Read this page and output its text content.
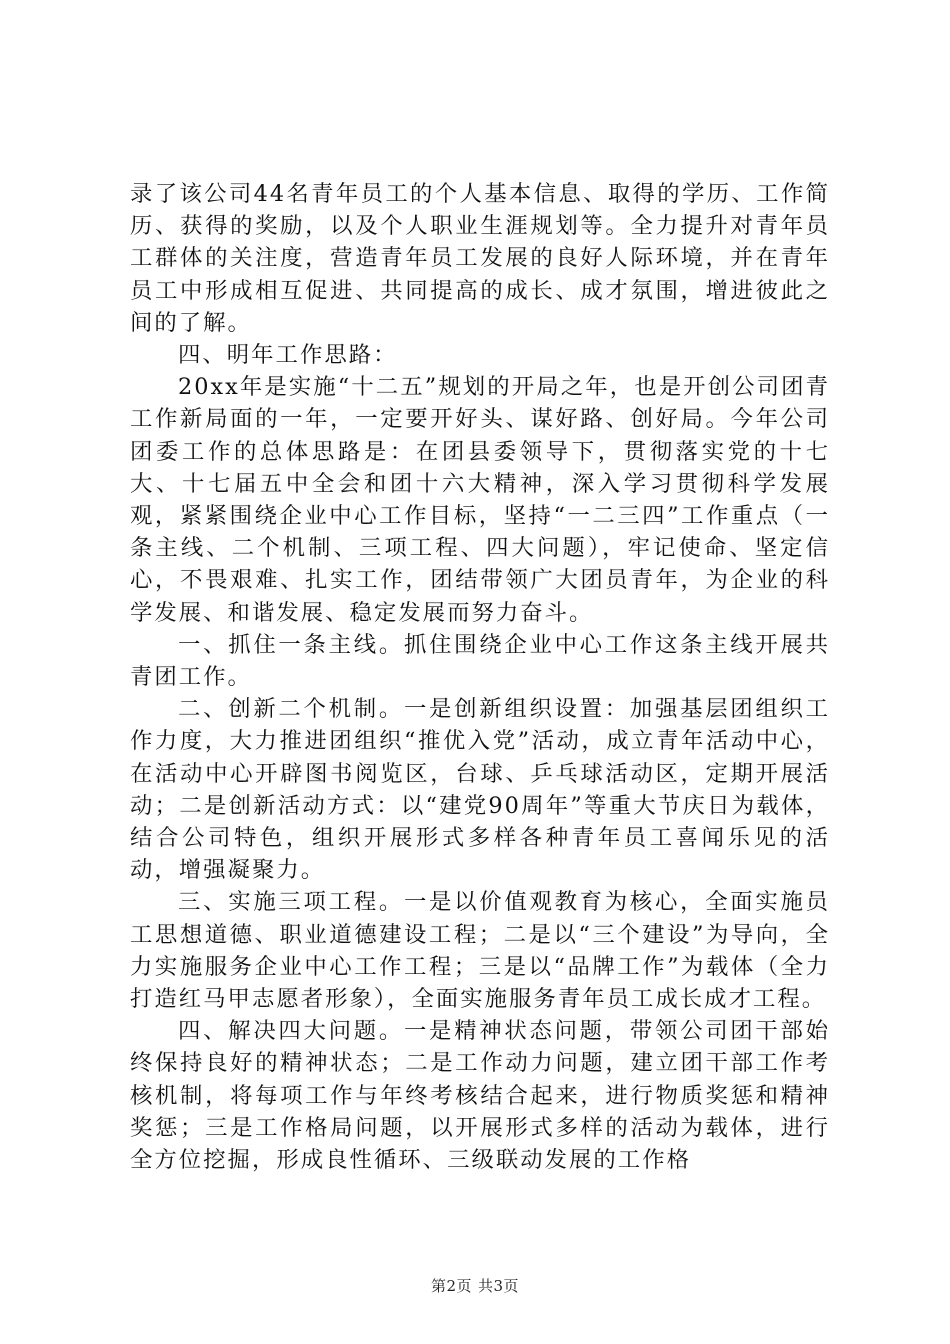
录了该公司44名青年员工的个人基本信息、取得的学历、工作简历、获得的奖励，以及个人职业生涯规划等。全力提升对青年员工群体的关注度，营造青年员工发展的良好人际环境，并在青年员工中形成相互促进、共同提高的成长、成才氛围，增进彼此之间的了解。

四、明年工作思路：

20xx年是实施“十二五”规划的开局之年，也是开创公司团青工作新局面的一年，一定要开好头、谋好路、创好局。今年公司团委工作的总体思路是：在团县委领导下，贯彻落实党的十七大、十七届五中全会和团十六大精神，深入学习贯彻科学发展观，紧紧围绕企业中心工作目标，坚持“一二三四”工作重点（一条主线、二个机制、三项工程、四大问题），牢记使命、坚定信心，不畏艰难、扎实工作，团结带领广大团员青年，为企业的科学发展、和谐发展、稳定发展而努力奋斗。

一、抓住一条主线。抓住围绕企业中心工作这条主线开展共青团工作。

二、创新二个机制。一是创新组织设置：加强基层团组织工作力度，大力推进团组织“推优入党”活动，成立青年活动中心，在活动中心开辟图书阅览区，台球、乒乓球活动区，定期开展活动；二是创新活动方式：以“建党90周年”等重大节庆日为载体，结合公司特色，组织开展形式多样各种青年员工喜闻乐见的活动，增强凝聚力。

三、实施三项工程。一是以价值观教育为核心，全面实施员工思想道德、职业道德建设工程；二是以“三个建设”为导向，全力实施服务企业中心工作工程；三是以“品牌工作”为载体（全力打造红马甲志愿者形象），全面实施服务青年员工成长成才工程。

四、解决四大问题。一是精神状态问题，带领公司团干部始终保持良好的精神状态；二是工作动力问题，建立团干部工作考核机制，将每项工作与年终考核结合起来，进行物质奖惩和精神奖惩；三是工作格局问题，以开展形式多样的活动为载体，进行全方位挖掘，形成良性循环、三级联动发展的工作格

第2页 共3页
